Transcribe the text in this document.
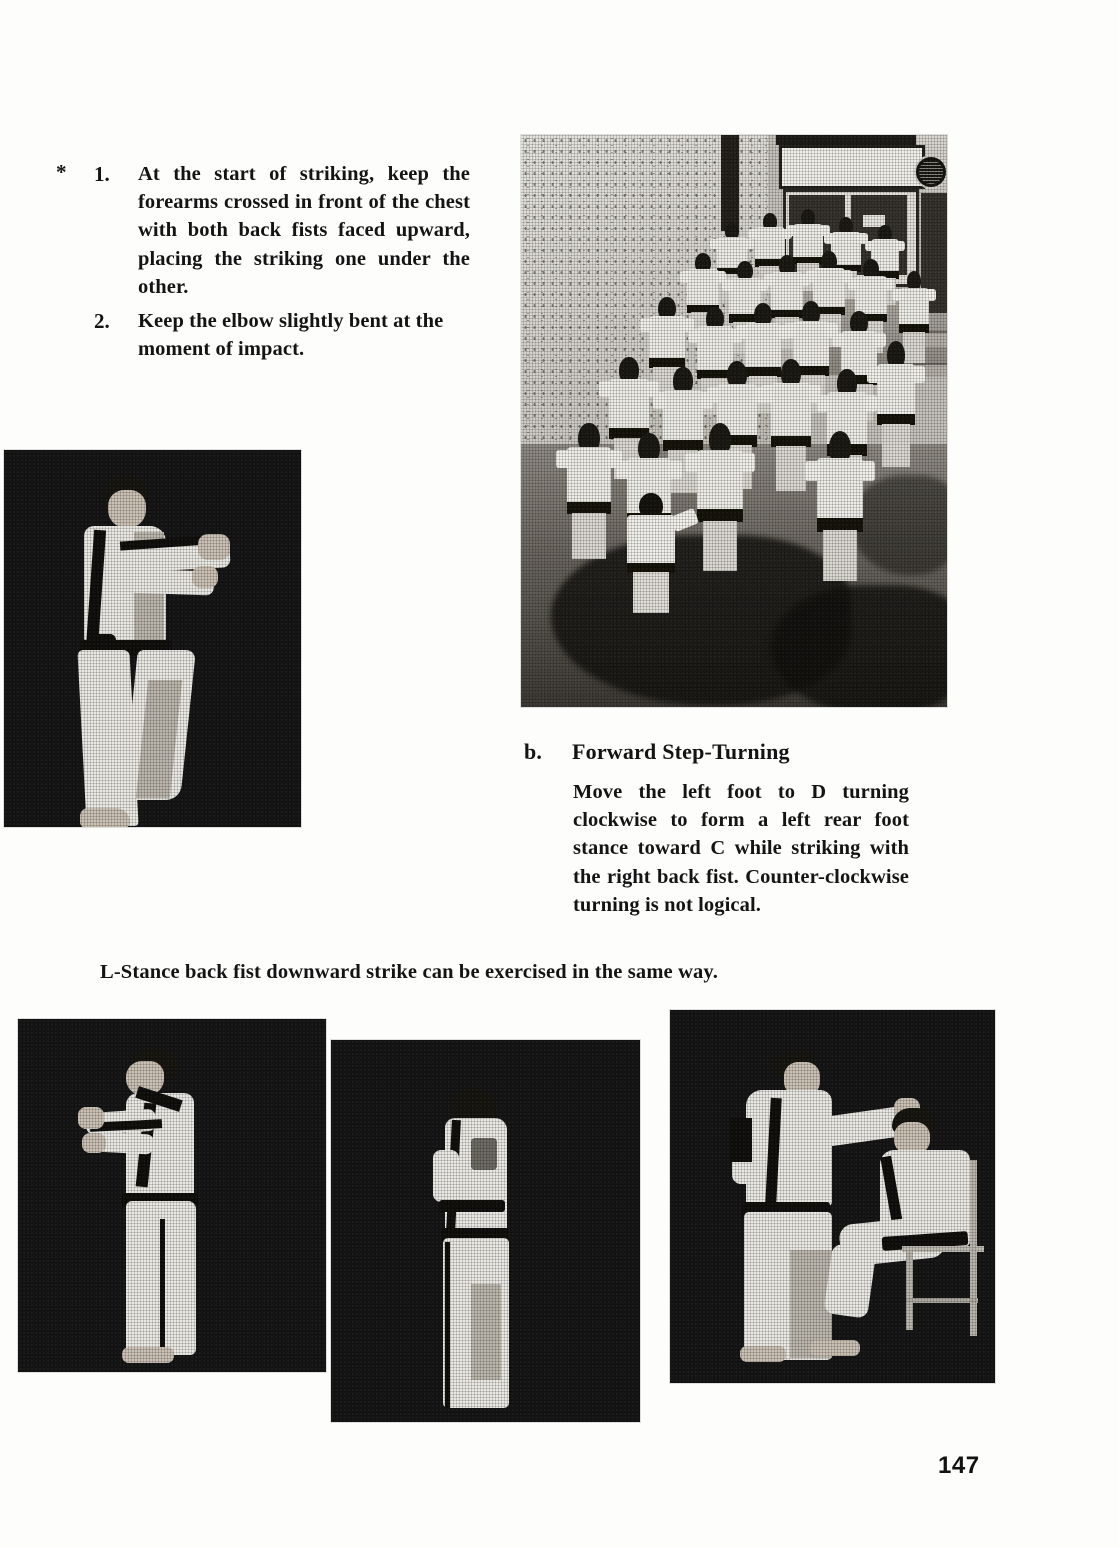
* 1. At the start of striking, keep the forearms crossed in front of the chest with both back fists faced upward, placing the striking one under the other.
2. Keep the elbow slightly bent at the moment of impact.
b. Forward Step-Turning
Move the left foot to D turning clockwise to form a left rear foot stance toward C while striking with the right back fist. Counter-clockwise turning is not logical.
L-Stance back fist downward strike can be exercised in the same way.
147
